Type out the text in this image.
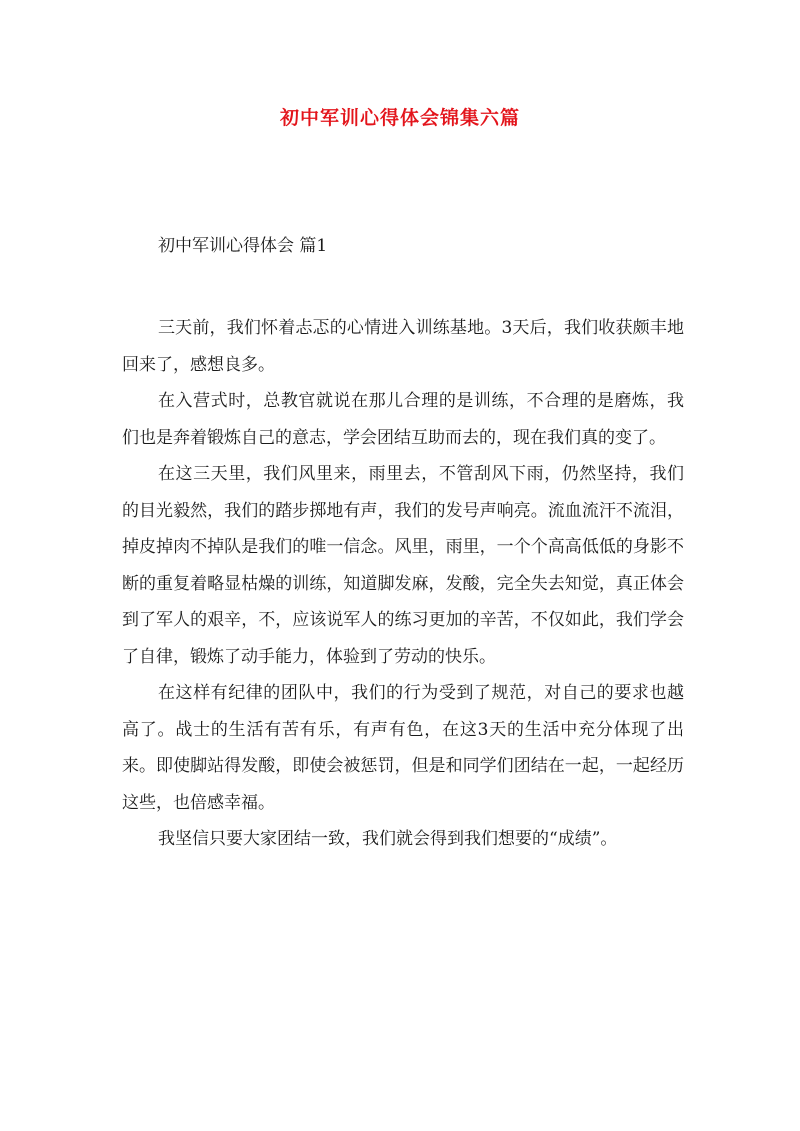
初中军训心得体会锦集六篇
初中军训心得体会 篇1

三天前，我们怀着忐忑的心情进入训练基地。3天后，我们收获颇丰地回来了，感想良多。

在入营式时，总教官就说在那儿合理的是训练，不合理的是磨炼，我们也是奔着锻炼自己的意志，学会团结互助而去的，现在我们真的变了。

在这三天里，我们风里来，雨里去，不管刮风下雨，仍然坚持，我们的目光毅然，我们的踏步掷地有声，我们的发号声响亮。流血流汗不流泪，掉皮掉肉不掉队是我们的唯一信念。风里，雨里，一个个高高低低的身影不断的重复着略显枯燥的训练，知道脚发麻，发酸，完全失去知觉，真正体会到了军人的艰辛，不，应该说军人的练习更加的辛苦，不仅如此，我们学会了自律，锻炼了动手能力，体验到了劳动的快乐。

在这样有纪律的团队中，我们的行为受到了规范，对自己的要求也越高了。战士的生活有苦有乐，有声有色，在这3天的生活中充分体现了出来。即使脚站得发酸，即使会被惩罚，但是和同学们团结在一起，一起经历这些，也倍感幸福。

我坚信只要大家团结一致，我们就会得到我们想要的“成绩”。
